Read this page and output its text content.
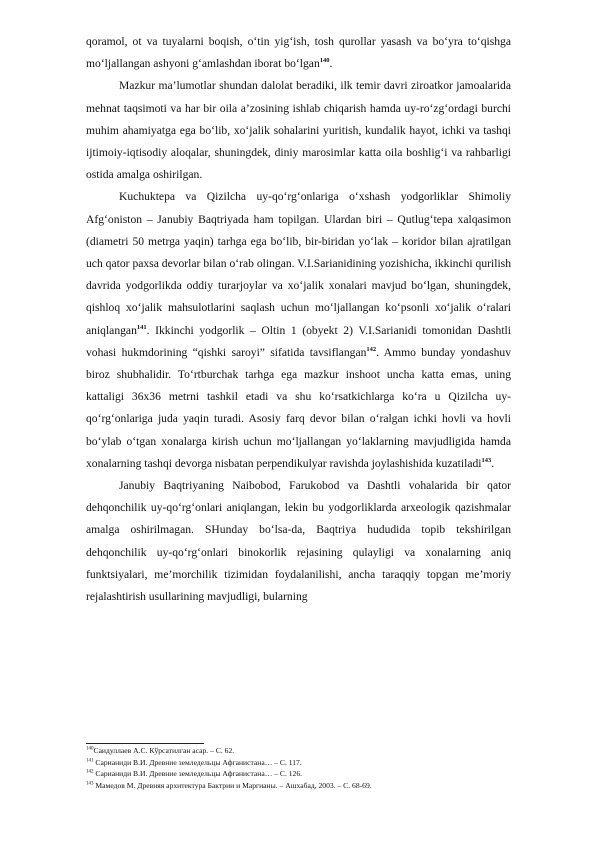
qoramol, ot va tuyalarni boqish, o‘tin yig‘ish, tosh qurollar yasash va bo‘yra to‘qishga mo‘ljallangan ashyoni g‘amlashdan iborat bo‘lgan$^{140}$.

Mazkur ma’lumotlar shundan dalolat beradiki, ilk temir davri ziroatkor jamoalarida mehnat taqsimoti va har bir oila a’zosining ishlab chiqarish hamda uy-ro‘zg‘ordagi burchi muhim ahamiyatga ega bo‘lib, xo‘jalik sohalarini yuritish, kundalik hayot, ichki va tashqi ijtimoiy-iqtisodiy aloqalar, shuningdek, diniy marosimlar katta oila boshlig‘i va rahbarligi ostida amalga oshirilgan.

Kuchuktepa va Qizilcha uy-qo‘rg‘onlariga o‘xshash yodgorliklar Shimoliy Afg‘oniston – Janubiy Baqtriyada ham topilgan. Ulardan biri – Qutlug‘tepa xalqasimon (diametri 50 metrga yaqin) tarhga ega bo‘lib, bir-biridan yo‘lak – koridor bilan ajratilgan uch qator paxsa devorlar bilan o‘rab olingan. V.I.Sarianidining yozishicha, ikkinchi qurilish davrida yodgorlikda oddiy turarjoylar va xo‘jalik xonalari mavjud bo‘lgan, shuningdek, qishloq xo‘jalik mahsulotlarini saqlash uchun mo‘ljallangan ko‘psonli xo‘jalik o‘ralari aniqlangan$^{141}$. Ikkinchi yodgorlik – Oltin 1 (obyekt 2) V.I.Sarianidi tomonidan Dashtli vohasi hukmdorining “qishki saroyi” sifatida tavsiflangan$^{142}$. Ammo bunday yondashuv biroz shubhalidir. To‘rtburchak tarhga ega mazkur inshoot uncha katta emas, uning kattaligi 36x36 metrni tashkil etadi va shu ko‘rsatkichlarga ko‘ra u Qizilcha uy-qo‘rg‘onlariga juda yaqin turadi. Asosiy farq devor bilan o‘ralgan ichki hovli va hovli bo‘ylab o‘tgan xonalarga kirish uchun mo‘ljallangan yo‘laklarning mavjudligida hamda xonalarning tashqi devorga nisbatan perpendikulyar ravishda joylashishida kuzatiladi$^{143}$.

Janubiy Baqtriyaning Naibobod, Farukobod va Dashtli vohalarida bir qator dehqonchilik uy-qo‘rg‘onlari aniqlangan, lekin bu yodgorliklarda arxeologik qazishmalar amalga oshirilmagan. SHunday bo‘lsa-da, Baqtriya hududida topib tekshirilgan dehqonchilik uy-qo‘rg‘onlari binokorlik rejasining qulayligi va xonalarning aniq funktsiyalari, me’morchilik tizimidan foydalanilishi, ancha taraqqiy topgan me’moriy rejalashtirish usullarining mavjudligi, bularning

$^{140}$Саидуллаев А.С. Кўрсатилган асар. – С. 62.
$^{141}$ Сарианиди В.И. Древние земледельцы Афганистана… – С. 117.
$^{142}$ Сарианиди В.И. Древние земледельцы Афганистана… – С. 126.
$^{143}$ Мамедов М. Древняя архитектура Бактрии и Маргианы. – Ашхабад, 2003. – С. 68-69.
